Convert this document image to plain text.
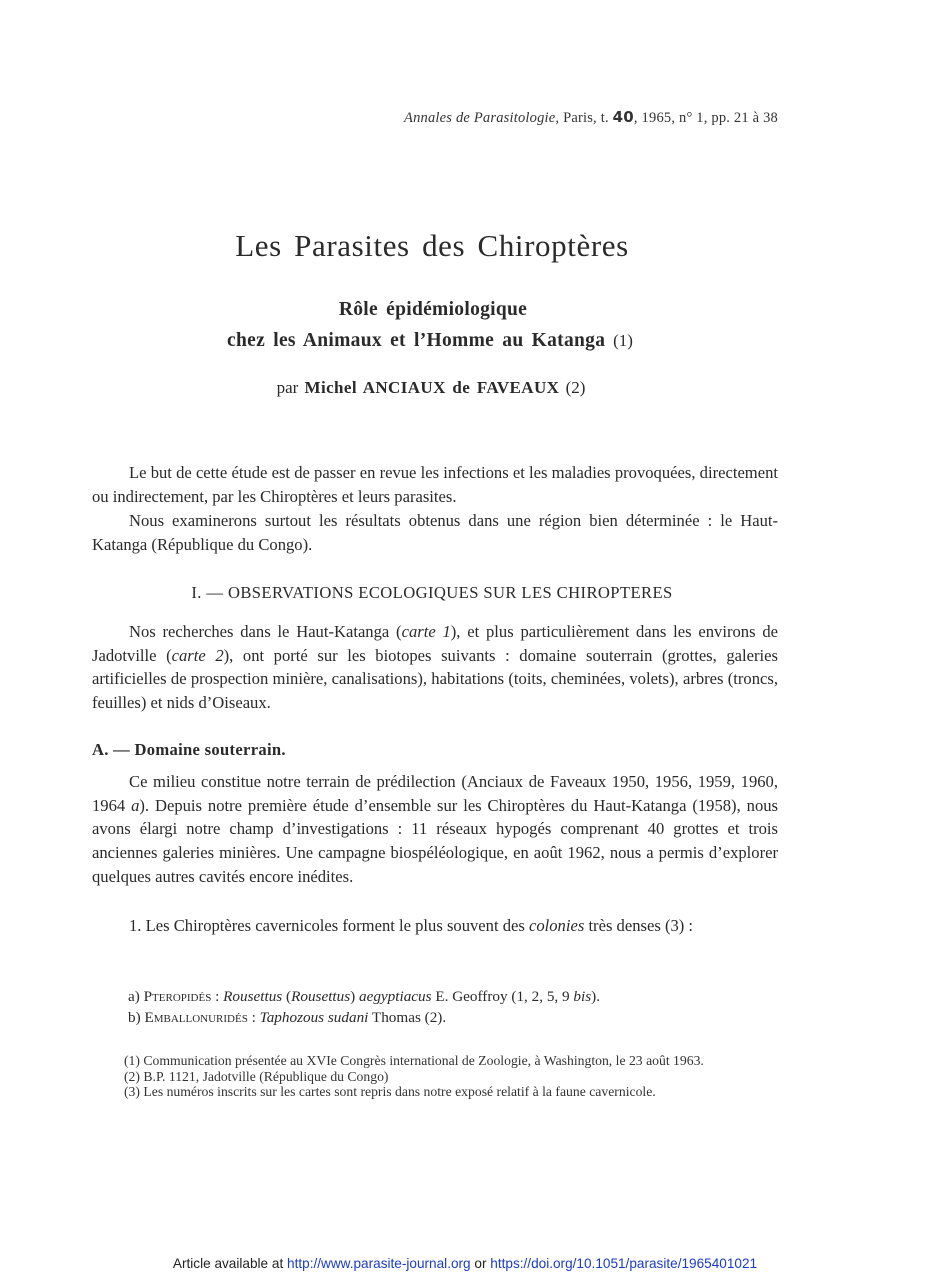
Annales de Parasitologie, Paris, t. 40, 1965, n° 1, pp. 21 à 38
Les Parasites des Chiroptères
Rôle épidémiologique
chez les Animaux et l’Homme au Katanga (1)
par Michel ANCIAUX de FAVEAUX (2)
Le but de cette étude est de passer en revue les infections et les maladies provoquées, directement ou indirectement, par les Chiroptères et leurs parasites.
Nous examinerons surtout les résultats obtenus dans une région bien déterminée : le Haut-Katanga (République du Congo).
I. — OBSERVATIONS ECOLOGIQUES SUR LES CHIROPTERES
Nos recherches dans le Haut-Katanga (carte 1), et plus particulièrement dans les environs de Jadotville (carte 2), ont porté sur les biotopes suivants : domaine souterrain (grottes, galeries artificielles de prospection minière, canalisations), habitations (toits, cheminées, volets), arbres (troncs, feuilles) et nids d’Oiseaux.
A. — Domaine souterrain.
Ce milieu constitue notre terrain de prédilection (Anciaux de Faveaux 1950, 1956, 1959, 1960, 1964 a). Depuis notre première étude d’ensemble sur les Chiroptères du Haut-Katanga (1958), nous avons élargi notre champ d’investigations : 11 réseaux hypogés comprenant 40 grottes et trois anciennes galeries minières. Une campagne biospéléologique, en août 1962, nous a permis d’explorer quelques autres cavités encore inédites.
1. Les Chiroptères cavernicoles forment le plus souvent des colonies très denses (3) :
a) Pteropidés : Rousettus (Rousettus) aegyptiacus E. Geoffroy (1, 2, 5, 9 bis).
b) Emballonuridés : Taphozous sudani Thomas (2).
(1) Communication présentée au XVIe Congrès international de Zoologie, à Washington, le 23 août 1963.
(2) B.P. 1121, Jadotville (République du Congo)
(3) Les numéros inscrits sur les cartes sont repris dans notre exposé relatif à la faune cavernicole.
Article available at http://www.parasite-journal.org or https://doi.org/10.1051/parasite/1965401021
